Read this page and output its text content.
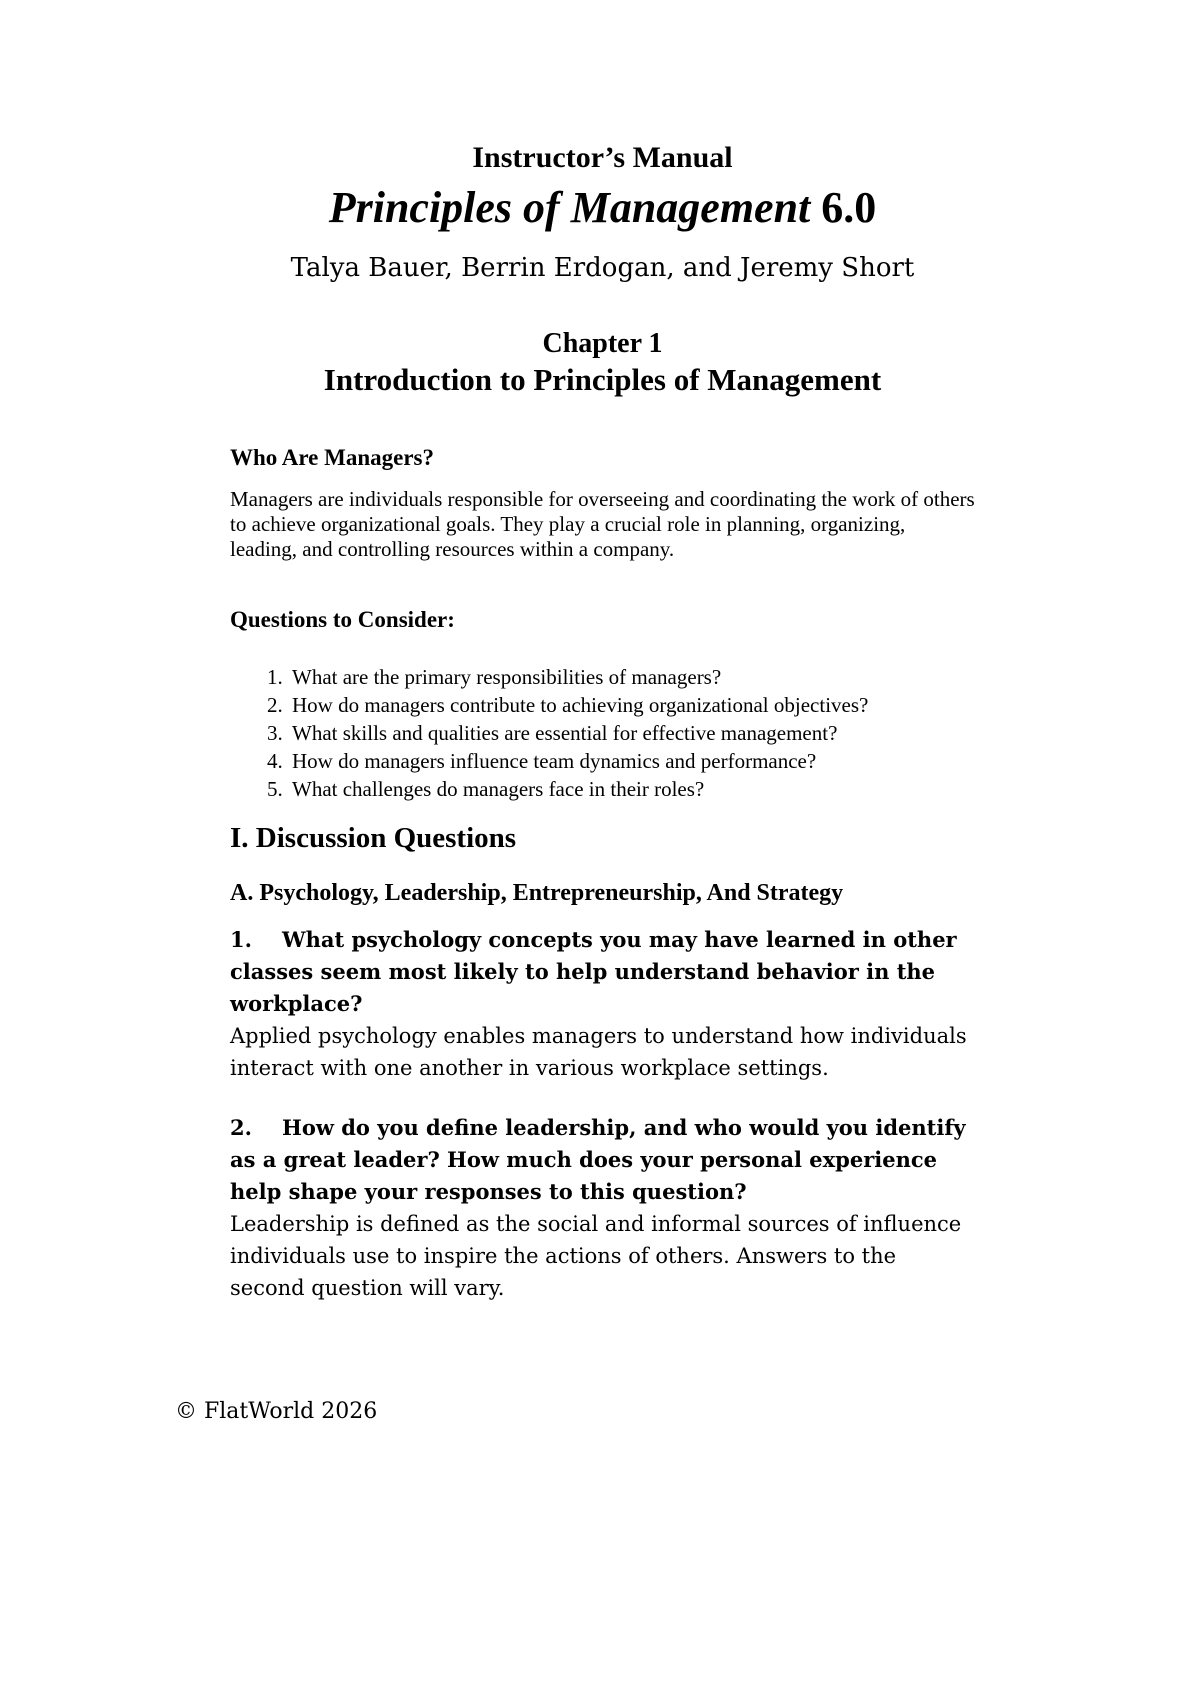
Instructor’s Manual
Principles of Management 6.0
Talya Bauer, Berrin Erdogan, and Jeremy Short
Chapter 1
Introduction to Principles of Management
Who Are Managers?

Managers are individuals responsible for overseeing and coordinating the work of others to achieve organizational goals. They play a crucial role in planning, organizing, leading, and controlling resources within a company.

Questions to Consider:
1. What are the primary responsibilities of managers?
2. How do managers contribute to achieving organizational objectives?
3. What skills and qualities are essential for effective management?
4. How do managers influence team dynamics and performance?
5. What challenges do managers face in their roles?
I. Discussion Questions
A. Psychology, Leadership, Entrepreneurship, And Strategy
1. What psychology concepts you may have learned in other classes seem most likely to help understand behavior in the workplace?

Applied psychology enables managers to understand how individuals interact with one another in various workplace settings.

2. How do you define leadership, and who would you identify as a great leader? How much does your personal experience help shape your responses to this question?

Leadership is defined as the social and informal sources of influence individuals use to inspire the actions of others. Answers to the second question will vary.

© FlatWorld 2026
